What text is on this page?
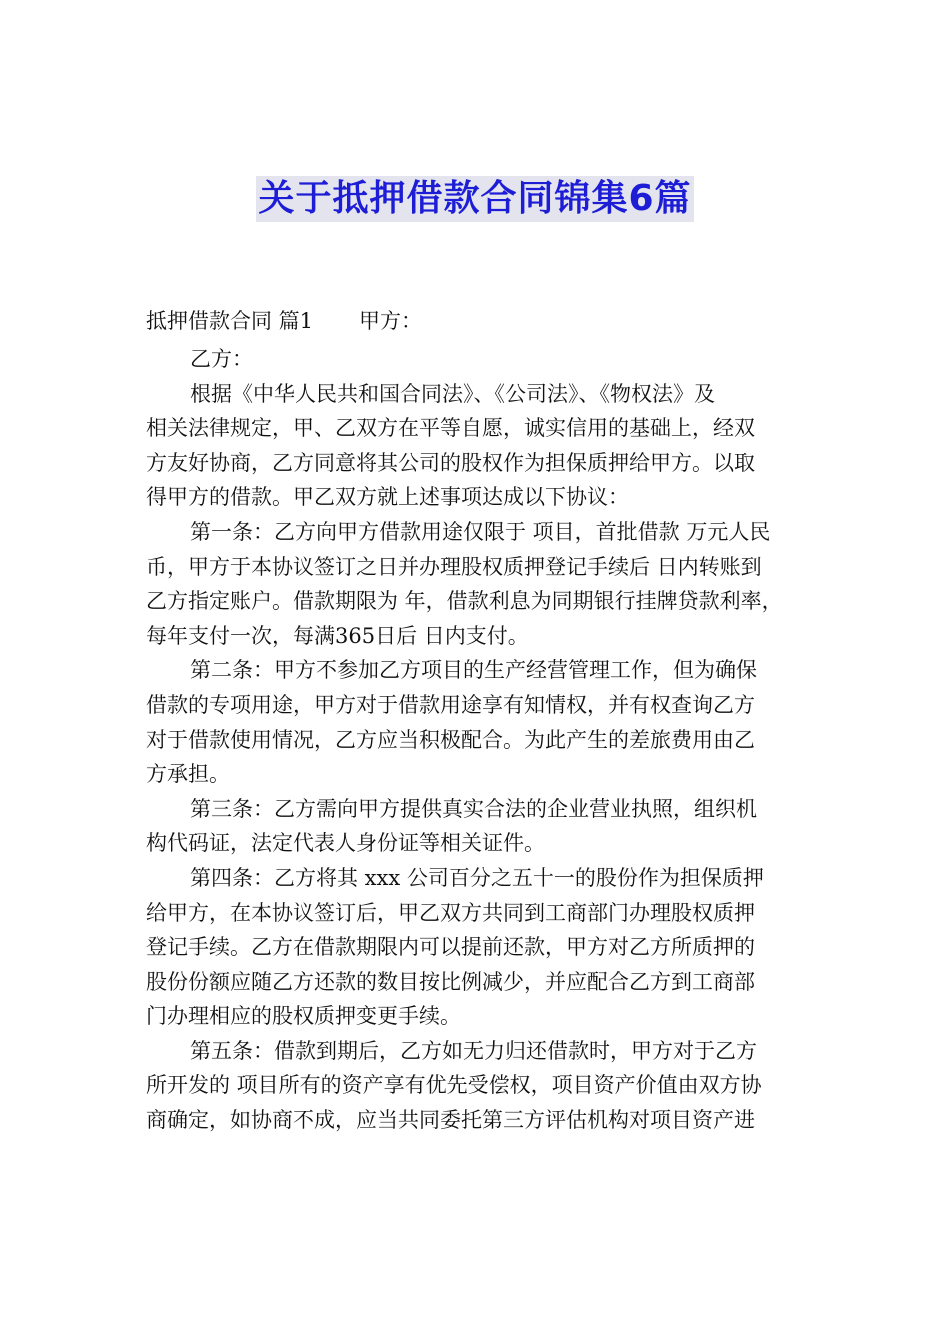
关于抵押借款合同锦集6篇
抵押借款合同 篇1 甲方：
乙方：
根据《中华人民共和国合同法》、《公司法》、《物权法》及
相关法律规定，甲、乙双方在平等自愿，诚实信用的基础上，经双
方友好协商，乙方同意将其公司的股权作为担保质押给甲方。以取
得甲方的借款。甲乙双方就上述事项达成以下协议：
第一条：乙方向甲方借款用途仅限于 项目，首批借款 万元人民
币，甲方于本协议签订之日并办理股权质押登记手续后 日内转账到
乙方指定账户。借款期限为 年，借款利息为同期银行挂牌贷款利率，
每年支付一次，每满365日后 日内支付。
第二条：甲方不参加乙方项目的生产经营管理工作，但为确保
借款的专项用途，甲方对于借款用途享有知情权，并有权查询乙方
对于借款使用情况，乙方应当积极配合。为此产生的差旅费用由乙
方承担。
第三条：乙方需向甲方提供真实合法的企业营业执照，组织机
构代码证，法定代表人身份证等相关证件。
第四条：乙方将其 xxx 公司百分之五十一的股份作为担保质押
给甲方，在本协议签订后，甲乙双方共同到工商部门办理股权质押
登记手续。乙方在借款期限内可以提前还款，甲方对乙方所质押的
股份份额应随乙方还款的数目按比例减少，并应配合乙方到工商部
门办理相应的股权质押变更手续。
第五条：借款到期后，乙方如无力归还借款时，甲方对于乙方
所开发的 项目所有的资产享有优先受偿权，项目资产价值由双方协
商确定，如协商不成，应当共同委托第三方评估机构对项目资产进
